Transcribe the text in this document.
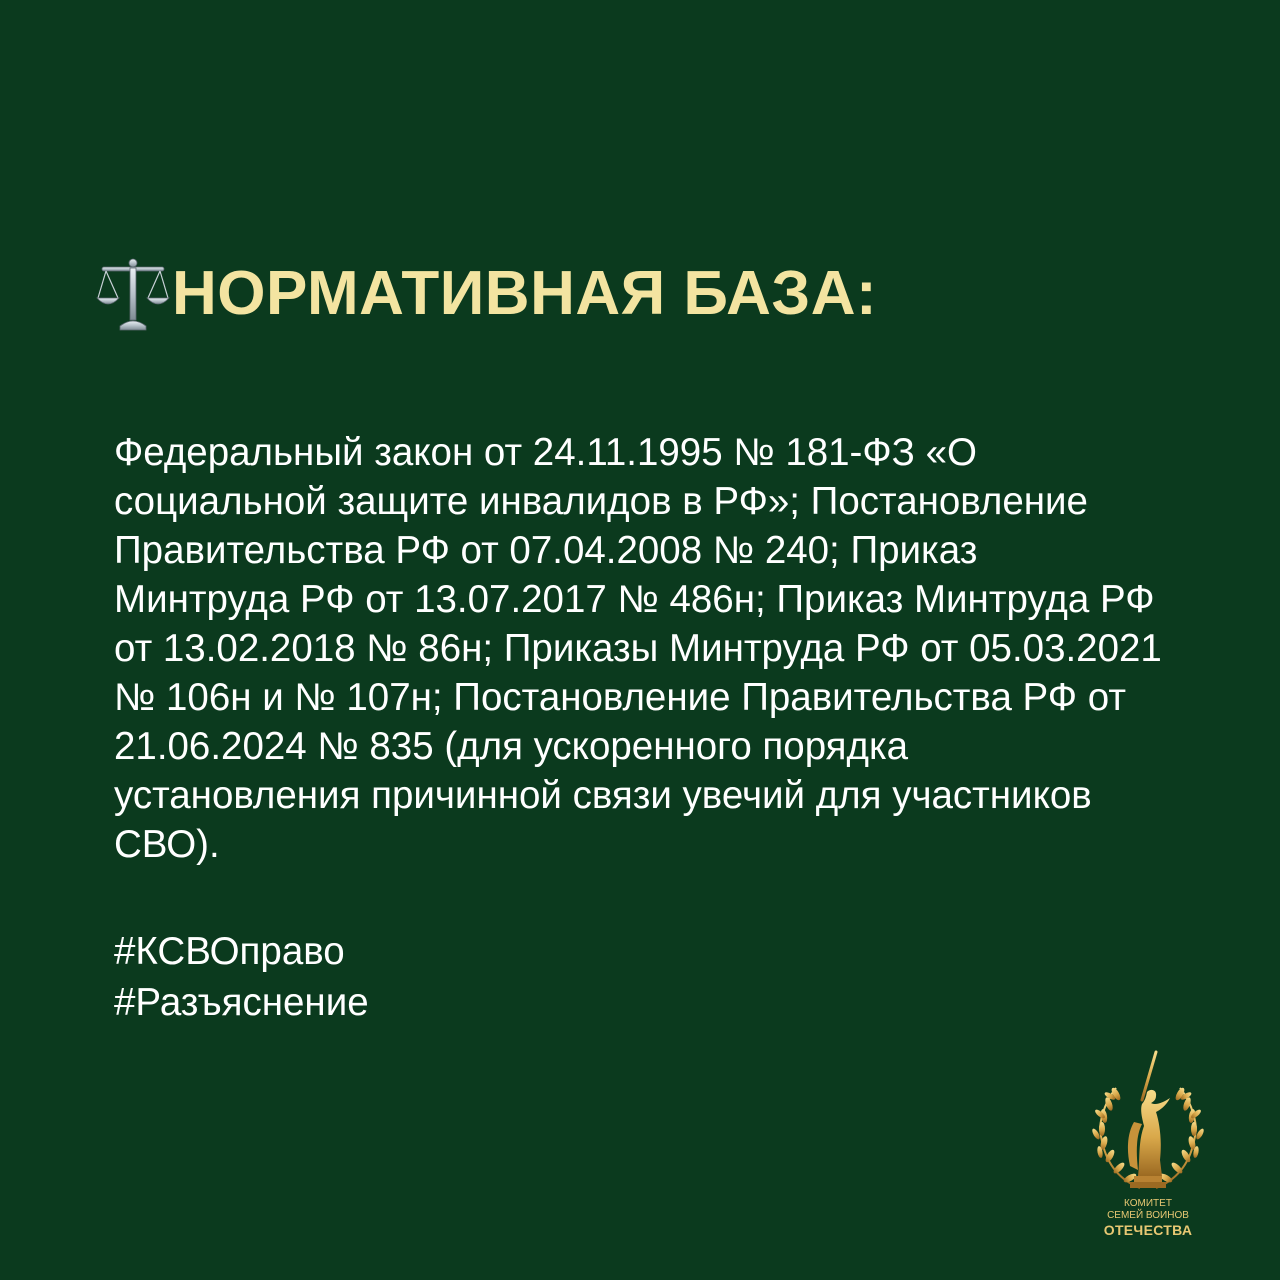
НОРМАТИВНАЯ БАЗА:
Федеральный закон от 24.11.1995 № 181-ФЗ «О
социальной защите инвалидов в РФ»; Постановление
Правительства РФ от 07.04.2008 № 240; Приказ
Минтруда РФ от 13.07.2017 № 486н; Приказ Минтруда РФ
от 13.02.2018 № 86н; Приказы Минтруда РФ от 05.03.2021
№ 106н и № 107н; Постановление Правительства РФ от
21.06.2024 № 835 (для ускоренного порядка
установления причинной связи увечий для участников
СВО).
#КСВОправо
#Разъяснение
КОМИТЕТ
СЕМЕЙ ВОИНОВ
ОТЕЧЕСТВА
